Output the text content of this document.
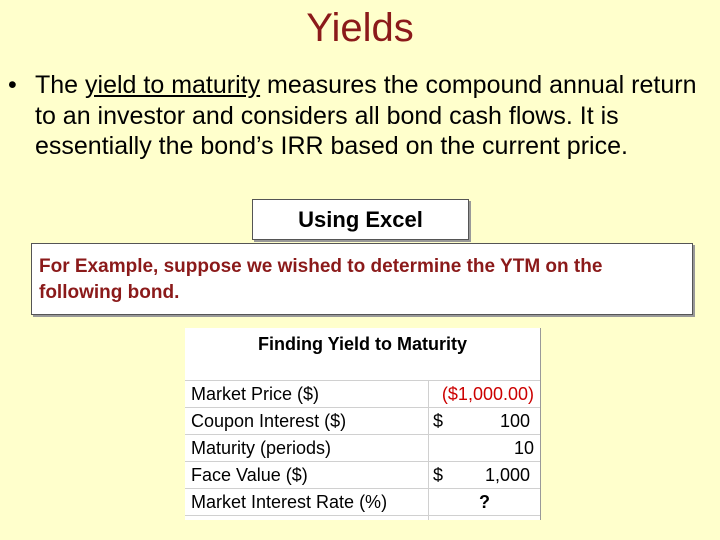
Yields
• The yield to maturity measures the compound annual return to an investor and considers all bond cash flows. It is essentially the bond’s IRR based on the current price.
Using Excel
For Example, suppose we wished to determine the YTM on the following bond.
Finding Yield to Maturity
Market Price ($)	($1,000.00)
Coupon Interest ($)	$	100
Maturity (periods)	10
Face Value ($)	$ 1,000
Market Interest Rate (%)	?
